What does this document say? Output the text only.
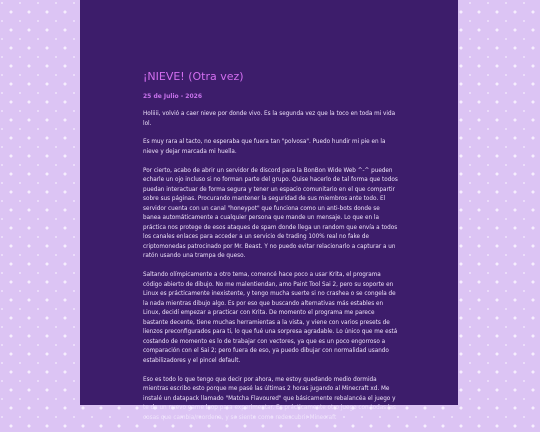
¡NIEVE! (Otra vez)
25 de Julio - 2026

Holiiii, volvió a caer nieve por donde vivo. Es la segunda vez que la toco en toda mi vida lol.

Es muy rara al tacto, no esperaba que fuera tan "polvosa". Puedo hundir mi pie en la nieve y dejar marcada mi huella.

Por cierto, acabo de abrir un servidor de discord para la BonBon Wide Web ^-^ pueden echarle un ojo incluso si no forman parte del grupo. Quise hacerlo de tal forma que todos puedan interactuar de forma segura y tener un espacio comunitario en el que compartir sobre sus páginas. Procurando mantener la seguridad de sus miembros ante todo. El servidor cuenta con un canal "honeypot" que funciona como un anti-bots donde se banea automáticamente a cualquier persona que mande un mensaje. Lo que en la práctica nos protege de esos ataques de spam donde llega un random que envía a todos los canales enlaces para acceder a un servicio de trading 100% real no fake de criptomonedas patrocinado por Mr. Beast. Y no puedo evitar relacionarlo a capturar a un ratón usando una trampa de queso.

Saltando olímpicamente a otro tema, comencé hace poco a usar Krita, el programa código abierto de dibujo. No me malentiendan, amo Paint Tool Sai 2, pero su soporte en Linux es prácticamente inexistente, y tengo mucha suerte si no crashea o se congela de la nada mientras dibujo algo. Es por eso que buscando alternativas más estables en Linux, decidí empezar a practicar con Krita. De momento el programa me parece bastante decente, tiene muchas herramientas a la vista, y viene con varios presets de lienzos preconfigurados para ti, lo que fué una sorpresa agradable. Lo único que me está costando de momento es lo de trabajar con vectores, ya que es un poco engorroso a comparación con el Sai 2; pero fuera de eso, ya puedo dibujar con normalidad usando estabilizadores y el pincel default.

Eso es todo lo que tengo que decir por ahora, me estoy quedando medio dormida mientras escribo esto porque me pasé las últimas 2 horas jugando al Minecraft xd. Me instalé un datapack llamado "Matcha Flavoured" que básicamente rebalancéa el juego y te da un nuevo game loop para experimentar. Es prácticamente otro juego con todas las cosas que cambia/reordena, y se siente como redescubrir Minecraft
